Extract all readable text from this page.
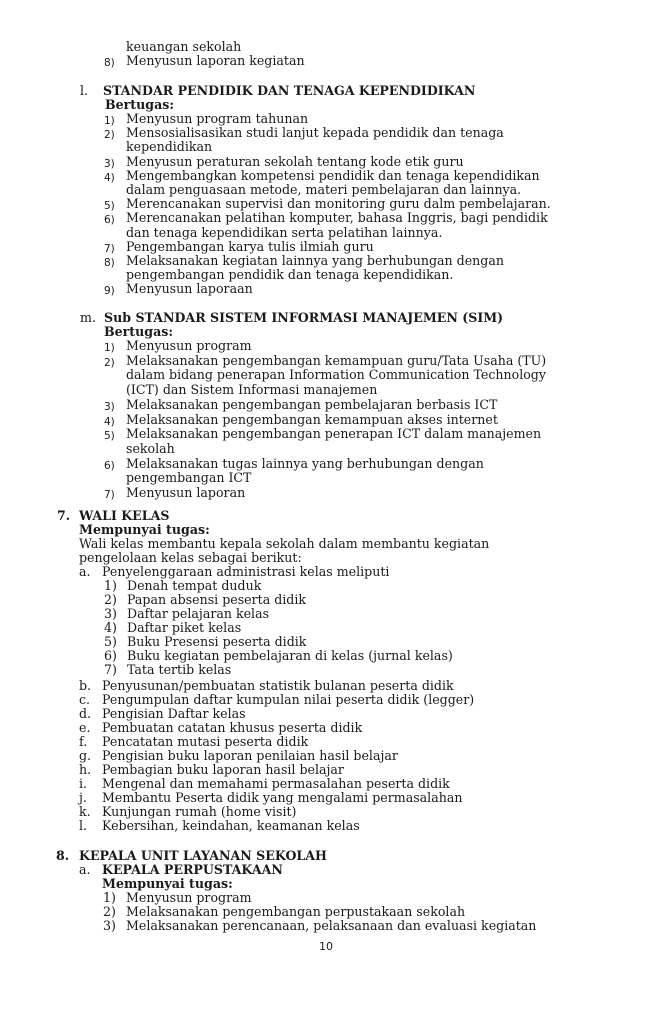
keuangan sekolah
8) Menyusun laporan kegiatan
l. STANDAR PENDIDIK DAN TENAGA KEPENDIDIKAN
Bertugas:
1) Menyusun program tahunan
2) Mensosialisasikan studi lanjut kepada pendidik dan tenaga
kependidikan
3) Menyusun peraturan sekolah tentang kode etik guru
4) Mengembangkan kompetensi pendidik dan tenaga kependidikan
dalam penguasaan metode, materi pembelajaran dan lainnya.
5) Merencanakan supervisi dan monitoring guru dalm pembelajaran.
6) Merencanakan pelatihan komputer, bahasa Inggris, bagi pendidik
dan tenaga kependidikan serta pelatihan lainnya.
7) Pengembangan karya tulis ilmiah guru
8) Melaksanakan kegiatan lainnya yang berhubungan dengan
pengembangan pendidik dan tenaga kependidikan.
9) Menyusun laporaan
m. Sub STANDAR SISTEM INFORMASI MANAJEMEN (SIM)
Bertugas:
1) Menyusun program
2) Melaksanakan pengembangan kemampuan guru/Tata Usaha (TU)
dalam bidang penerapan Information Communication Technology
(ICT) dan Sistem Informasi manajemen
3) Melaksanakan pengembangan pembelajaran berbasis ICT
4) Melaksanakan pengembangan kemampuan akses internet
5) Melaksanakan pengembangan penerapan ICT dalam manajemen
sekolah
6) Melaksanakan tugas lainnya yang berhubungan dengan
pengembangan ICT
7) Menyusun laporan
7. WALI KELAS
Mempunyai tugas:
Wali kelas membantu kepala sekolah dalam membantu kegiatan
pengelolaan kelas sebagai berikut:
a. Penyelenggaraan administrasi kelas meliputi
1) Denah tempat duduk
2) Papan absensi peserta didik
3) Daftar pelajaran kelas
4) Daftar piket kelas
5) Buku Presensi peserta didik
6) Buku kegiatan pembelajaran di kelas (jurnal kelas)
7) Tata tertib kelas
b. Penyusunan/pembuatan statistik bulanan peserta didik
c. Pengumpulan daftar kumpulan nilai peserta didik (legger)
d. Pengisian Daftar kelas
e. Pembuatan catatan khusus peserta didik
f. Pencatatan mutasi peserta didik
g. Pengisian buku laporan penilaian hasil belajar
h. Pembagian buku laporan hasil belajar
i. Mengenal dan memahami permasalahan peserta didik
j. Membantu Peserta didik yang mengalami permasalahan
k. Kunjungan rumah (home visit)
l. Kebersihan, keindahan, keamanan kelas
8. KEPALA UNIT LAYANAN SEKOLAH
a. KEPALA PERPUSTAKAAN
Mempunyai tugas:
1) Menyusun program
2) Melaksanakan pengembangan perpustakaan sekolah
3) Melaksanakan perencanaan, pelaksanaan dan evaluasi kegiatan
10
